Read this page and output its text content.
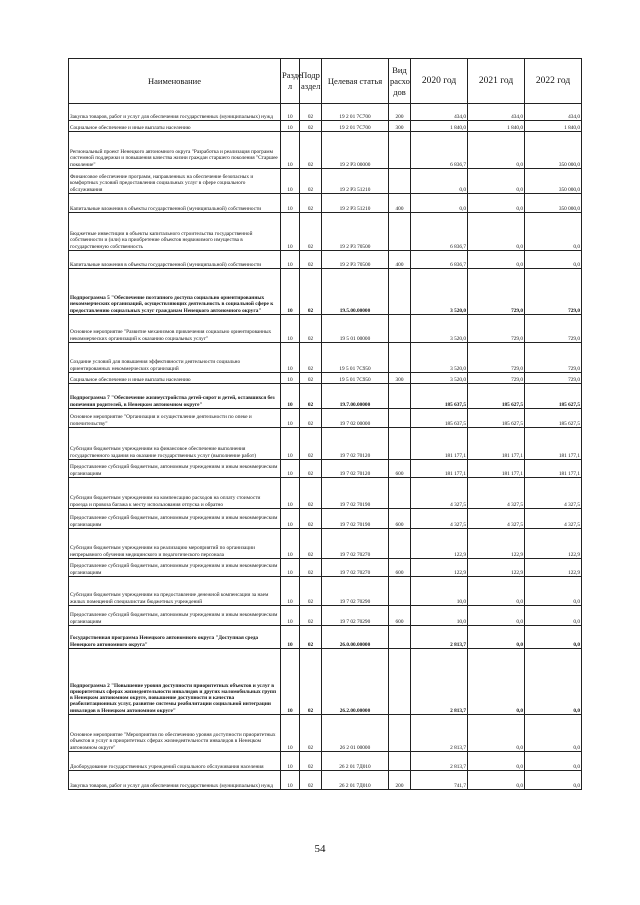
Наименование	Разде л	Подр аздел	Целевая статья	Вид расхо дов	2020 год	2021 год	2022 год
Закупка товаров, работ и услуг для обеспечения государственных (муниципальных) нужд	10	02	19 2 01 7С700	200	434,0	434,0	434,0
Социальное обеспечение и иные выплаты населению	10	02	19 2 01 7С700	300	1 840,0	1 840,0	1 840,0
Региональный проект Ненецкого автономного округа "Разработка и реализация программ системной поддержки и повышения качества жизни граждан старшего поколения "Старшее поколение"	10	02	19 2 P3 00000		6 836,7	0,0	350 000,0
Финансовое обеспечение программ, направленных на обеспечение безопасных и комфортных условий предоставления социальных услуг в сфере социального обслуживания	10	02	19 2 P3 51210		0,0	0,0	350 000,0
Капитальные вложения в объекты государственной (муниципальной) собственности	10	02	19 2 P3 51210	400	0,0	0,0	350 000,0
Бюджетные инвестиции в объекты капитального строительства государственной собственности и (или) на приобретение объектов недвижимого имущества в государственную собственность	10	02	19 2 P3 70500		6 836,7	0,0	0,0
Капитальные вложения в объекты государственной (муниципальной) собственности	10	02	19 2 P3 70500	400	6 836,7	0,0	0,0
Подпрограмма 5 "Обеспечение поэтапного доступа социально ориентированных некоммерческих организаций, осуществляющих деятельность в социальной сфере к предоставлению социальных услуг гражданам Ненецкого автономного округа"	10	02	19.5.00.00000		3 520,0	729,0	729,0
Основное мероприятие "Развитие механизмов привлечения социально ориентированных некоммерческих организаций к оказанию социальных услуг"	10	02	19 5 01 00000		3 520,0	729,0	729,0
Создание условий для повышения эффективности деятельности социально ориентированных некоммерческих организаций	10	02	19 5 01 7С950		3 520,0	729,0	729,0
Социальное обеспечение и иные выплаты населению	10	02	19 5 01 7С950	300	3 520,0	729,0	729,0
Подпрограмма 7 "Обеспечение жизнеустройства детей-сирот и детей, оставшихся без попечения родителей, в Ненецком автономном округе"	10	02	19.7.00.00000		185 637,5	185 627,5	185 627,5
Основное мероприятие "Организация и осуществление деятельности по опеке и попечительству"	10	02	19 7 02 00000		185 637,5	185 627,5	185 627,5
Субсидии бюджетным учреждениям на финансовое обеспечение выполнения государственного задания на оказание государственных услуг (выполнение работ)	10	02	19 7 02 70120		181 177,1	181 177,1	181 177,1
Предоставление субсидий бюджетным, автономным учреждениям и иным некоммерческим организациям	10	02	19 7 02 70120	600	181 177,1	181 177,1	181 177,1
Субсидии бюджетным учреждениям на компенсацию расходов на оплату стоимости проезда и провоза багажа к месту использования отпуска и обратно	10	02	19 7 02 70190		4 327,5	4 327,5	4 327,5
Предоставление субсидий бюджетным, автономным учреждениям и иным некоммерческим организациям	10	02	19 7 02 70190	600	4 327,5	4 327,5	4 327,5
Субсидии бюджетным учреждениям на реализацию мероприятий по организации непрерывного обучения медицинского и педагогического персонала	10	02	19 7 02 70270		122,9	122,9	122,9
Предоставление субсидий бюджетным, автономным учреждениям и иным некоммерческим организациям	10	02	19 7 02 70270	600	122,9	122,9	122,9
Субсидии бюджетным учреждениям на предоставление денежной компенсации за наем жилых помещений специалистам бюджетных учреждений	10	02	19 7 02 70290		10,0	0,0	0,0
Предоставление субсидий бюджетным, автономным учреждениям и иным некоммерческим организациям	10	02	19 7 02 70290	600	10,0	0,0	0,0
Государственная программа Ненецкого автономного округа "Доступная среда Ненецкого автономного округа"	10	02	26.0.00.00000		2 813,7	0,0	0,0
Подпрограмма 2 "Повышение уровня доступности приоритетных объектов и услуг в приоритетных сферах жизнедеятельности инвалидов и других маломобильных групп в Ненецком автономном округе, повышение доступности и качества реабилитационных услуг, развитие системы реабилитации социальной интеграции инвалидов в Ненецком автономном округе"	10	02	26.2.00.00000		2 813,7	0,0	0,0
Основное мероприятие "Мероприятия по обеспечению уровня доступности приоритетных объектов и услуг в приоритетных сферах жизнедеятельности инвалидов в Ненецком автономном округе"	10	02	26 2 01 00000		2 813,7	0,0	0,0
Дооборудование государственных учреждений социального обслуживания населения	10	02	26 2 01 7Д010		2 813,7	0,0	0,0
Закупка товаров, работ и услуг для обеспечения государственных (муниципальных) нужд	10	02	26 2 01 7Д010	200	741,7	0,0	0,0
54
